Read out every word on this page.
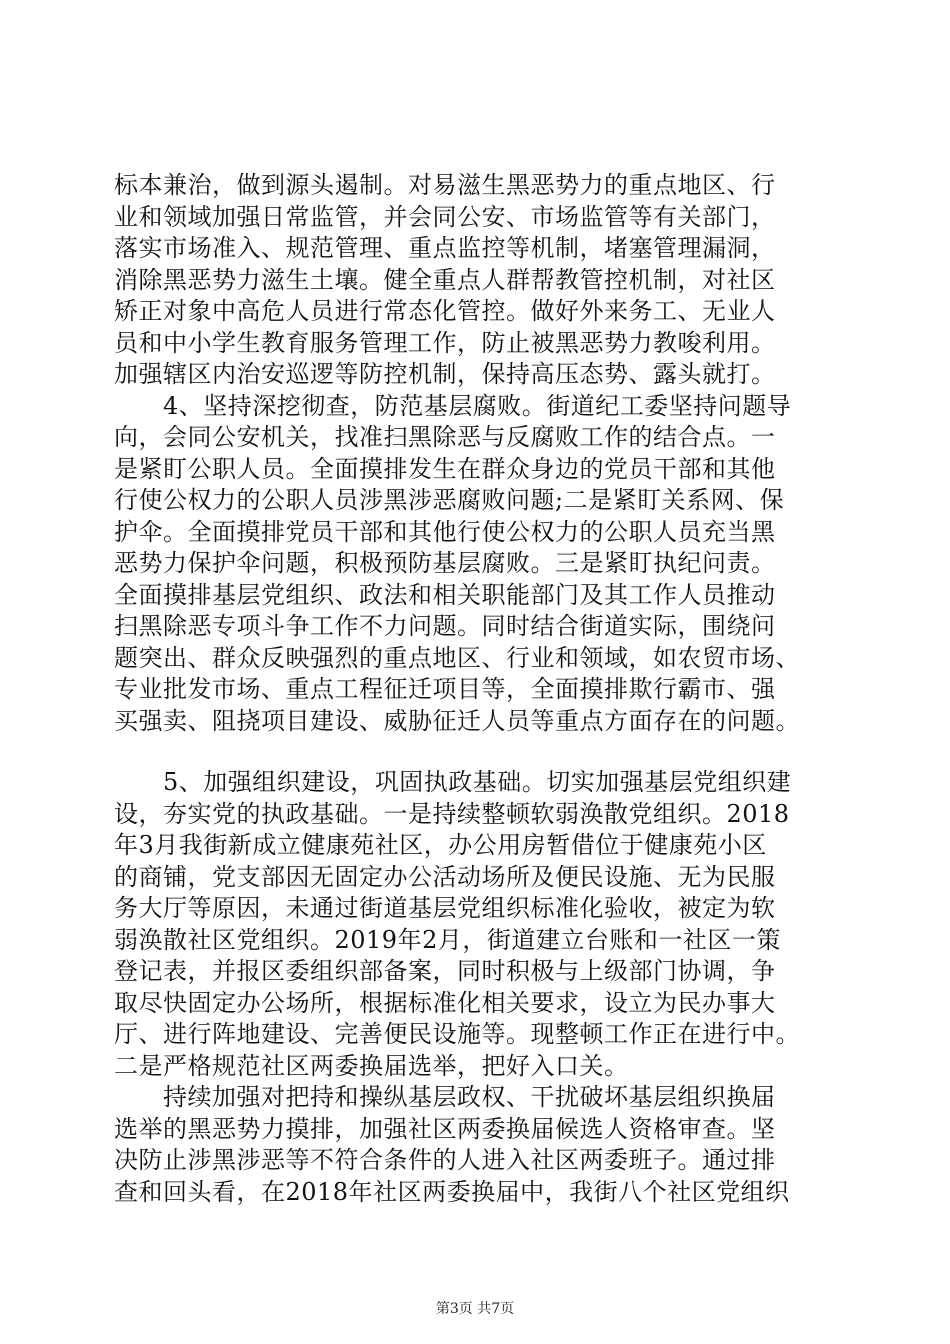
标本兼治，做到源头遏制。对易滋生黑恶势力的重点地区、行
业和领域加强日常监管，并会同公安、市场监管等有关部门，
落实市场准入、规范管理、重点监控等机制，堵塞管理漏洞，
消除黑恶势力滋生土壤。健全重点人群帮教管控机制，对社区
矫正对象中高危人员进行常态化管控。做好外来务工、无业人
员和中小学生教育服务管理工作，防止被黑恶势力教唆利用。
加强辖区内治安巡逻等防控机制，保持高压态势、露头就打。
　　4、坚持深挖彻查，防范基层腐败。街道纪工委坚持问题导
向，会同公安机关，找准扫黑除恶与反腐败工作的结合点。一
是紧盯公职人员。全面摸排发生在群众身边的党员干部和其他
行使公权力的公职人员涉黑涉恶腐败问题;二是紧盯关系网、保
护伞。全面摸排党员干部和其他行使公权力的公职人员充当黑
恶势力保护伞问题，积极预防基层腐败。三是紧盯执纪问责。
全面摸排基层党组织、政法和相关职能部门及其工作人员推动
扫黑除恶专项斗争工作不力问题。同时结合街道实际，围绕问
题突出、群众反映强烈的重点地区、行业和领域，如农贸市场、
专业批发市场、重点工程征迁项目等，全面摸排欺行霸市、强
买强卖、阻挠项目建设、威胁征迁人员等重点方面存在的问题。
　　5、加强组织建设，巩固执政基础。切实加强基层党组织建
设，夯实党的执政基础。一是持续整顿软弱涣散党组织。2018
年3月我街新成立健康苑社区，办公用房暂借位于健康苑小区
的商铺，党支部因无固定办公活动场所及便民设施、无为民服
务大厅等原因，未通过街道基层党组织标准化验收，被定为软
弱涣散社区党组织。2019年2月，街道建立台账和一社区一策
登记表，并报区委组织部备案，同时积极与上级部门协调，争
取尽快固定办公场所，根据标准化相关要求，设立为民办事大
厅、进行阵地建设、完善便民设施等。现整顿工作正在进行中。
二是严格规范社区两委换届选举，把好入口关。
　　持续加强对把持和操纵基层政权、干扰破坏基层组织换届
选举的黑恶势力摸排，加强社区两委换届候选人资格审查。坚
决防止涉黑涉恶等不符合条件的人进入社区两委班子。通过排
查和回头看，在2018年社区两委换届中，我街八个社区党组织
第3页 共7页
